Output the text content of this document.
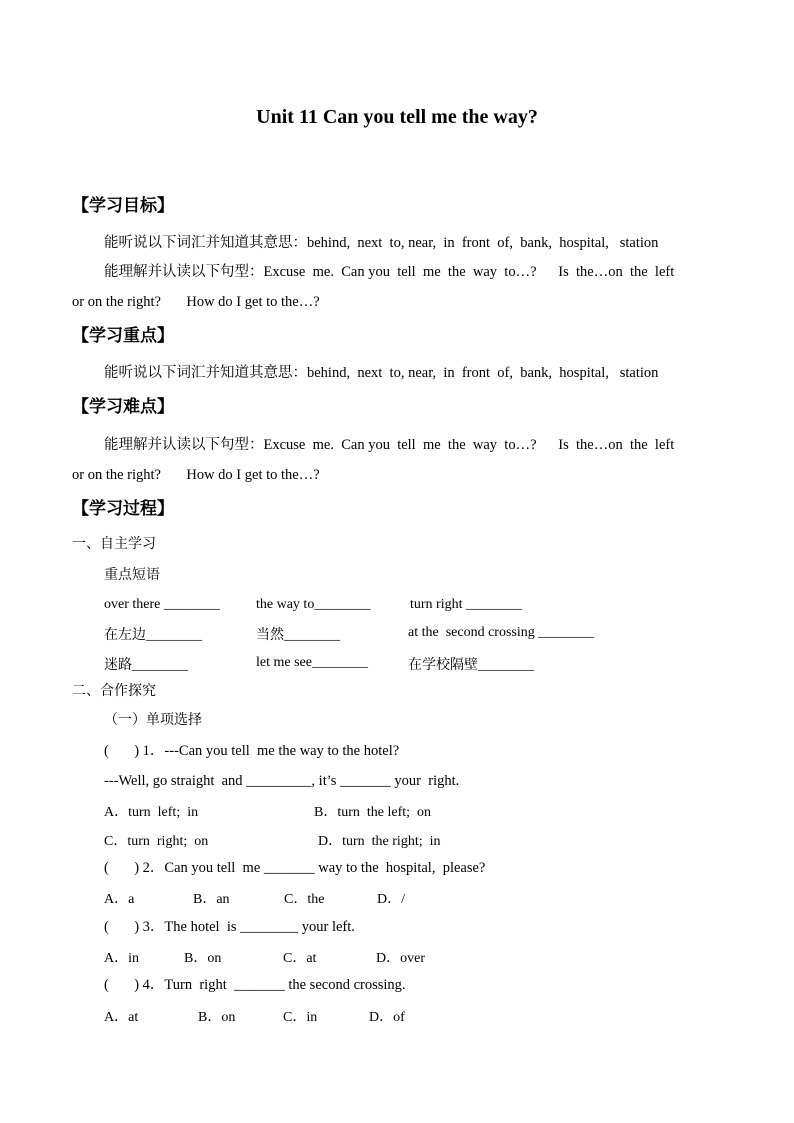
Unit 11 Can you tell me the way?
【学习目标】
能听说以下词汇并知道其意思：behind,  next  to, near,  in  front  of,  bank,  hospital,   station
能理解并认读以下句型：Excuse  me.  Can you  tell  me  the  way  to…?      Is  the…on  the  left
or on the right?       How do I get to the…?
【学习重点】
能听说以下词汇并知道其意思：behind,  next  to, near,  in  front  of,  bank,  hospital,   station
【学习难点】
能理解并认读以下句型：Excuse  me.  Can you  tell  me  the  way  to…?      Is  the…on  the  left
or on the right?       How do I get to the…?
【学习过程】
一、自主学习
重点短语
over there ________	the way to________	turn right ________
在左边________	当然________	at the  second crossing ________
迷路________	let me see________	在学校隔壁________
二、合作探究
（一）单项选择
(       ) 1．---Can you tell  me the way to the hotel?
---Well, go straight  and _________, it’s _______ your  right.
A．turn  left;  in	B．turn  the left;  on
C．turn  right;  on	D．turn  the right;  in
(       ) 2．Can you tell  me _______ way to the  hospital,  please?
A．a	B．an	C．the	D．/
(       ) 3．The hotel  is ________ your left.
A．in	B．on	C．at	D．over
(       ) 4．Turn  right  _______ the second crossing.
A．at	B．on	C．in	D．of
